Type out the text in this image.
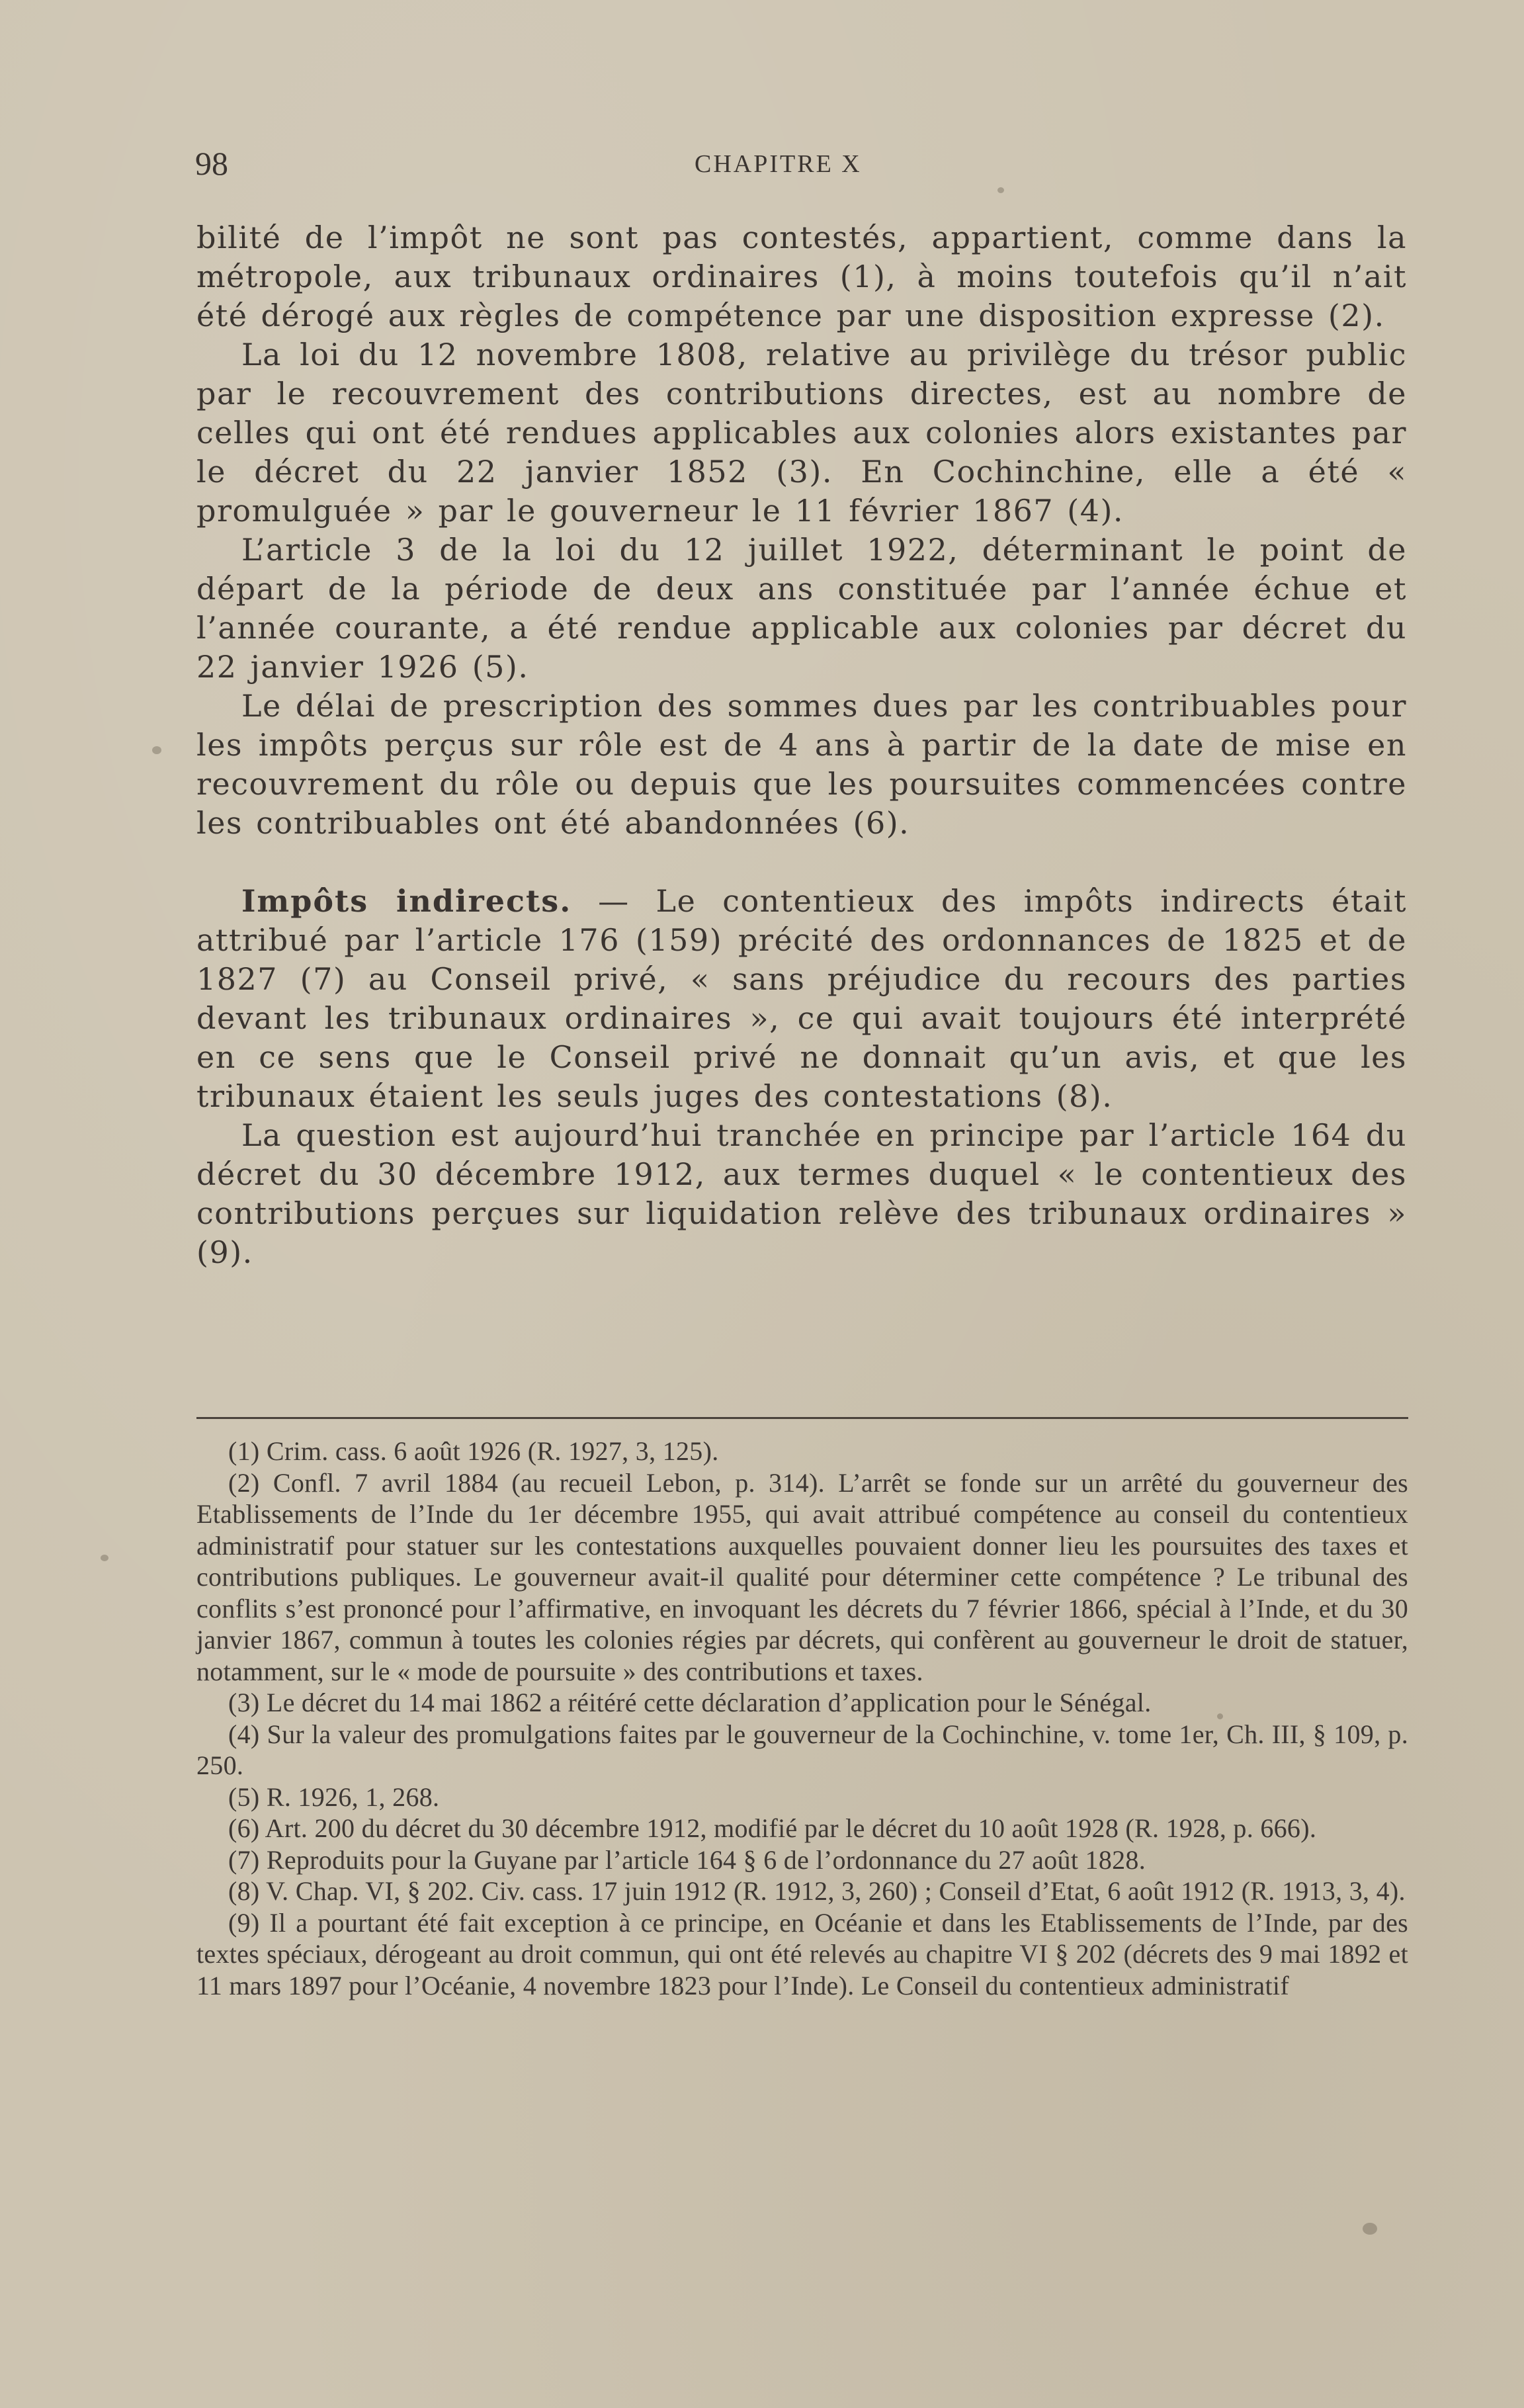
98	CHAPITRE X

bilité de l’impôt ne sont pas contestés, appartient, comme dans la métropole, aux tribunaux ordinaires (1), à moins toutefois qu’il n’ait été dérogé aux règles de compétence par une disposition expresse (2).

La loi du 12 novembre 1808, relative au privilège du trésor public par le recouvrement des contributions directes, est au nombre de celles qui ont été rendues applicables aux colonies alors existantes par le décret du 22 janvier 1852 (3). En Cochinchine, elle a été « promulguée » par le gouverneur le 11 février 1867 (4).

L’article 3 de la loi du 12 juillet 1922, déterminant le point de départ de la période de deux ans constituée par l’année échue et l’année courante, a été rendue applicable aux colonies par décret du 22 janvier 1926 (5).

Le délai de prescription des sommes dues par les contribuables pour les impôts perçus sur rôle est de 4 ans à partir de la date de mise en recouvrement du rôle ou depuis que les poursuites commencées contre les contribuables ont été abandonnées (6).

Impôts indirects. — Le contentieux des impôts indirects était attribué par l’article 176 (159) précité des ordonnances de 1825 et de 1827 (7) au Conseil privé, « sans préjudice du recours des parties devant les tribunaux ordinaires », ce qui avait toujours été interprété en ce sens que le Conseil privé ne donnait qu’un avis, et que les tribunaux étaient les seuls juges des contestations (8).

La question est aujourd’hui tranchée en principe par l’article 164 du décret du 30 décembre 1912, aux termes duquel « le contentieux des contributions perçues sur liquidation relève des tribunaux ordinaires » (9).

(1) Crim. cass. 6 août 1926 (R. 1927, 3, 125).

(2) Confl. 7 avril 1884 (au recueil Lebon, p. 314). L’arrêt se fonde sur un arrêté du gouverneur des Etablissements de l’Inde du 1er décembre 1955, qui avait attribué compétence au conseil du contentieux administratif pour statuer sur les contestations auxquelles pouvaient donner lieu les poursuites des taxes et contributions publiques. Le gouverneur avait-il qualité pour déterminer cette compétence ? Le tribunal des conflits s’est prononcé pour l’affirmative, en invoquant les décrets du 7 février 1866, spécial à l’Inde, et du 30 janvier 1867, commun à toutes les colonies régies par décrets, qui confèrent au gouverneur le droit de statuer, notamment, sur le « mode de poursuite » des contributions et taxes.

(3) Le décret du 14 mai 1862 a réitéré cette déclaration d’application pour le Sénégal.

(4) Sur la valeur des promulgations faites par le gouverneur de la Cochinchine, v. tome 1er, Ch. III, § 109, p. 250.

(5) R. 1926, 1, 268.

(6) Art. 200 du décret du 30 décembre 1912, modifié par le décret du 10 août 1928 (R. 1928, p. 666).

(7) Reproduits pour la Guyane par l’article 164 § 6 de l’ordonnance du 27 août 1828.

(8) V. Chap. VI, § 202. Civ. cass. 17 juin 1912 (R. 1912, 3, 260) ; Conseil d’Etat, 6 août 1912 (R. 1913, 3, 4).

(9) Il a pourtant été fait exception à ce principe, en Océanie et dans les Etablissements de l’Inde, par des textes spéciaux, dérogeant au droit commun, qui ont été relevés au chapitre VI § 202 (décrets des 9 mai 1892 et 11 mars 1897 pour l’Océanie, 4 novembre 1823 pour l’Inde). Le Conseil du contentieux administratif
